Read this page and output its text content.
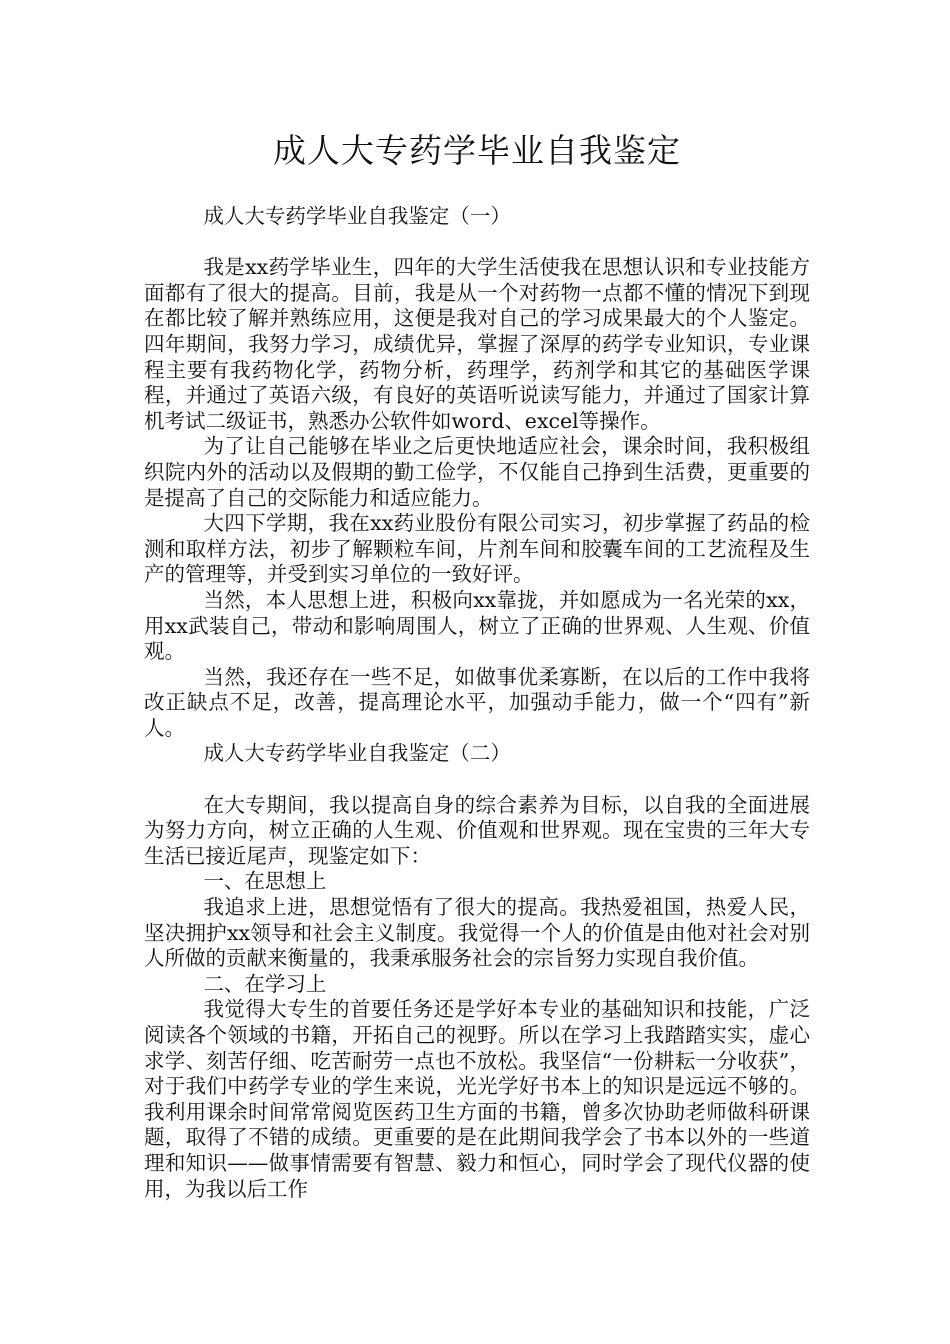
成人大专药学毕业自我鉴定

成人大专药学毕业自我鉴定（一）

我是xx药学毕业生，四年的大学生活使我在思想认识和专业技能方面都有了很大的提高。目前，我是从一个对药物一点都不懂的情况下到现在都比较了解并熟练应用，这便是我对自己的学习成果最大的个人鉴定。四年期间，我努力学习，成绩优异，掌握了深厚的药学专业知识，专业课程主要有我药物化学，药物分析，药理学，药剂学和其它的基础医学课程，并通过了英语六级，有良好的英语听说读写能力，并通过了国家计算机考试二级证书，熟悉办公软件如word、excel等操作。

为了让自己能够在毕业之后更快地适应社会，课余时间，我积极组织院内外的活动以及假期的勤工俭学，不仅能自己挣到生活费，更重要的是提高了自己的交际能力和适应能力。

大四下学期，我在xx药业股份有限公司实习，初步掌握了药品的检测和取样方法，初步了解颗粒车间，片剂车间和胶囊车间的工艺流程及生产的管理等，并受到实习单位的一致好评。

当然，本人思想上进，积极向xx靠拢，并如愿成为一名光荣的xx，用xx武装自己，带动和影响周围人，树立了正确的世界观、人生观、价值观。

当然，我还存在一些不足，如做事优柔寡断，在以后的工作中我将改正缺点不足，改善，提高理论水平，加强动手能力，做一个“四有”新人。

成人大专药学毕业自我鉴定（二）

在大专期间，我以提高自身的综合素养为目标，以自我的全面进展为努力方向，树立正确的人生观、价值观和世界观。现在宝贵的三年大专生活已接近尾声，现鉴定如下：

一、在思想上

我追求上进，思想觉悟有了很大的提高。我热爱祖国，热爱人民，坚决拥护xx领导和社会主义制度。我觉得一个人的价值是由他对社会对别人所做的贡献来衡量的，我秉承服务社会的宗旨努力实现自我价值。

二、在学习上

我觉得大专生的首要任务还是学好本专业的基础知识和技能，广泛阅读各个领域的书籍，开拓自己的视野。所以在学习上我踏踏实实，虚心求学、刻苦仔细、吃苦耐劳一点也不放松。我坚信“一份耕耘一分收获”，对于我们中药学专业的学生来说，光光学好书本上的知识是远远不够的。我利用课余时间常常阅览医药卫生方面的书籍，曾多次协助老师做科研课题，取得了不错的成绩。更重要的是在此期间我学会了书本以外的一些道理和知识——做事情需要有智慧、毅力和恒心，同时学会了现代仪器的使用，为我以后工作
